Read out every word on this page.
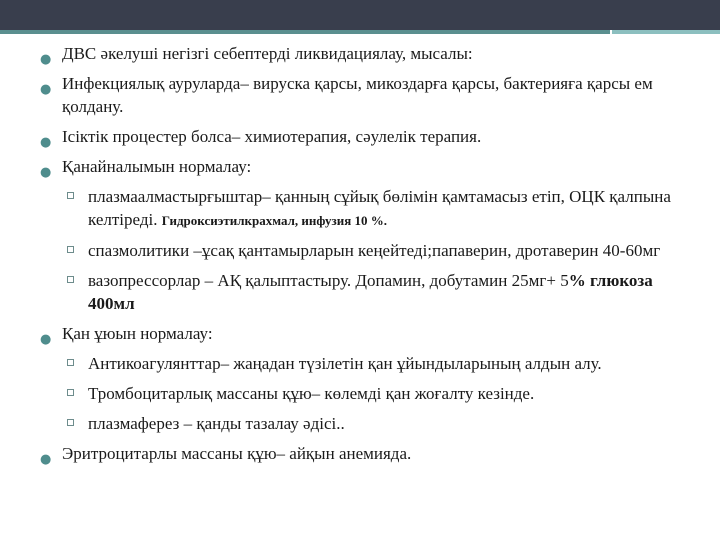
● ДВС әкелуші негізгі себептерді ликвидациялау, мысалы:
● Инфекциялық ауруларда– вируска қарсы, микоздарға қарсы, бактерияға қарсы ем қолдану.
● Ісіктік процестер болса– химиотерапия, сәулелік терапия.
● Қанайналымын нормалау:
плазмаалмастырғыштар– қанның сұйық бөлімін қамтамасыз етіп, ОЦК қалпына келтіреді. Гидроксиэтилкрахмал, инфузия 10 %.
спазмолитики –ұсақ қантамырларын кеңейтеді;папаверин, дротаверин 40-60мг
вазопрессорлар – АҚ қалыптастыру. Допамин, добутамин 25мг+ 5% глюкоза 400мл
● Қан ұюын нормалау:
Антикоагулянттар– жаңадан түзілетін қан ұйындыларының алдын алу.
Тромбоцитарлық массаны құю– көлемді қан жоғалту кезінде.
плазмаферез – қанды тазалау әдісі..
● Эритроцитарлы массаны құю– айқын анемияда.
